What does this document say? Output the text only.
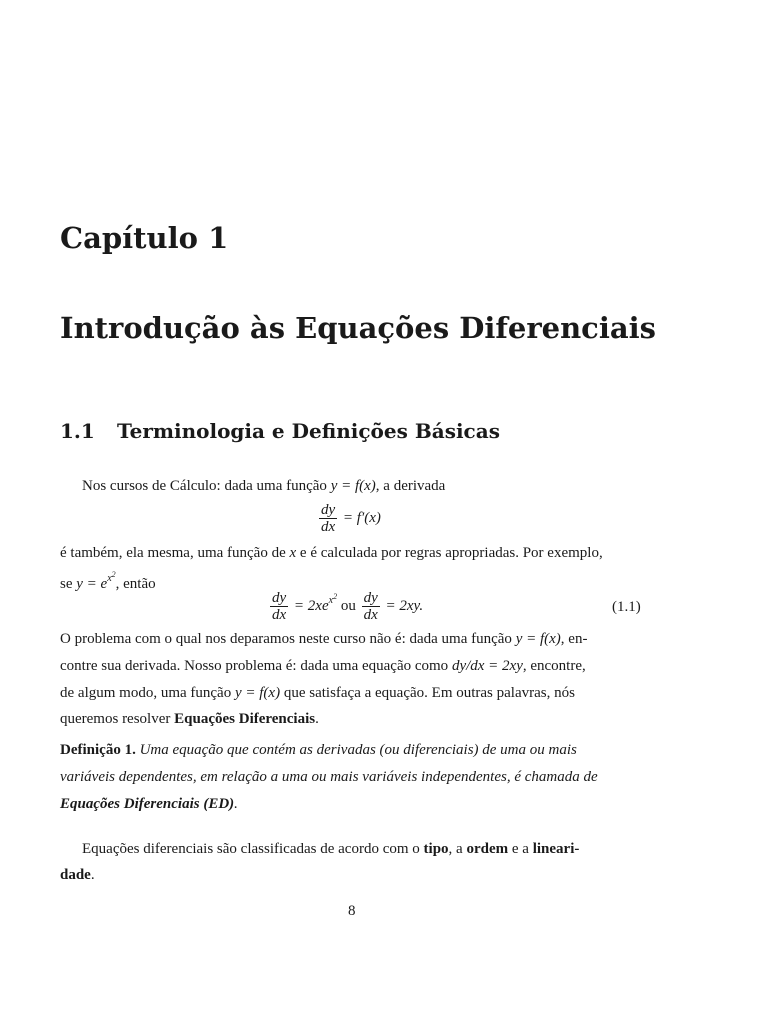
Capítulo 1
Introdução às Equações Diferenciais
1.1 Terminologia e Definições Básicas
Nos cursos de Cálculo: dada uma função y = f(x), a derivada
$\frac{dy}{dx} = f'(x)$
é também, ela mesma, uma função de x e é calculada por regras apropriadas. Por exemplo,
se $y = e^{x^2}$, então
$\frac{dy}{dx} = 2xe^{x^2}$ ou $\frac{dy}{dx} = 2xy$.	(1.1)
O problema com o qual nos deparamos neste curso não é: dada uma função y = f(x), en-
contre sua derivada. Nosso problema é: dada uma equação como dy/dx = 2xy, encontre,
de algum modo, uma função y = f(x) que satisfaça a equação. Em outras palavras, nós
queremos resolver Equações Diferenciais.
Definição 1. Uma equação que contém as derivadas (ou diferenciais) de uma ou mais
variáveis dependentes, em relação a uma ou mais variáveis independentes, é chamada de
Equações Diferenciais (ED).
Equações diferenciais são classificadas de acordo com o tipo, a ordem e a lineari-
dade.
8
